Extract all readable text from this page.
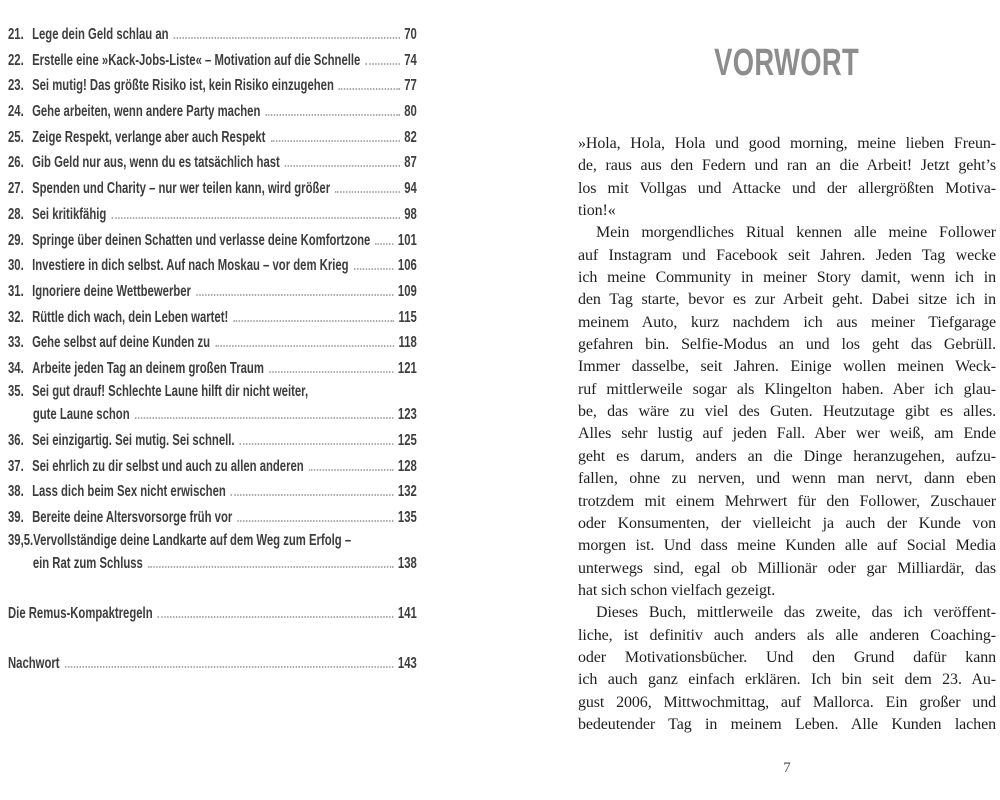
21. Lege dein Geld schlau an	70
22. Erstelle eine »Kack-Jobs-Liste« – Motivation auf die Schnelle	74
23. Sei mutig! Das größte Risiko ist, kein Risiko einzugehen	77
24. Gehe arbeiten, wenn andere Party machen	80
25. Zeige Respekt, verlange aber auch Respekt	82
26. Gib Geld nur aus, wenn du es tatsächlich hast	87
27. Spenden und Charity – nur wer teilen kann, wird größer	94
28. Sei kritikfähig	98
29. Springe über deinen Schatten und verlasse deine Komfortzone 101
30. Investiere in dich selbst. Auf nach Moskau – vor dem Krieg	106
31. Ignoriere deine Wettbewerber	109
32. Rüttle dich wach, dein Leben wartet!	115
33. Gehe selbst auf deine Kunden zu	118
34. Arbeite jeden Tag an deinem großen Traum	121
35. Sei gut drauf! Schlechte Laune hilft dir nicht weiter,
gute Laune schon	123
36. Sei einzigartig. Sei mutig. Sei schnell.	125
37. Sei ehrlich zu dir selbst und auch zu allen anderen	128
38. Lass dich beim Sex nicht erwischen	132
39. Bereite deine Altersvorsorge früh vor	135
39,5. Vervollständige deine Landkarte auf dem Weg zum Erfolg –
ein Rat zum Schluss	138
Die Remus-Kompaktregeln	141
Nachwort	143
VORWORT
»Hola, Hola, Hola und good morning, meine lieben Freun-
de, raus aus den Federn und ran an die Arbeit! Jetzt geht’s
los mit Vollgas und Attacke und der allergrößten Motiva-
tion!«
Mein morgendliches Ritual kennen alle meine Follower
auf Instagram und Facebook seit Jahren. Jeden Tag wecke
ich meine Community in meiner Story damit, wenn ich in
den Tag starte, bevor es zur Arbeit geht. Dabei sitze ich in
meinem Auto, kurz nachdem ich aus meiner Tiefgarage
gefahren bin. Selfie-Modus an und los geht das Gebrüll.
Immer dasselbe, seit Jahren. Einige wollen meinen Weck-
ruf mittlerweile sogar als Klingelton haben. Aber ich glau-
be, das wäre zu viel des Guten. Heutzutage gibt es alles.
Alles sehr lustig auf jeden Fall. Aber wer weiß, am Ende
geht es darum, anders an die Dinge heranzugehen, aufzu-
fallen, ohne zu nerven, und wenn man nervt, dann eben
trotzdem mit einem Mehrwert für den Follower, Zuschauer
oder Konsumenten, der vielleicht ja auch der Kunde von
morgen ist. Und dass meine Kunden alle auf Social Media
unterwegs sind, egal ob Millionär oder gar Milliardär, das
hat sich schon vielfach gezeigt.
Dieses Buch, mittlerweile das zweite, das ich veröffent-
liche, ist definitiv auch anders als alle anderen Coaching-
oder Motivationsbücher. Und den Grund dafür kann
ich auch ganz einfach erklären. Ich bin seit dem 23. Au-
gust 2006, Mittwochmittag, auf Mallorca. Ein großer und
bedeutender Tag in meinem Leben. Alle Kunden lachen
7
